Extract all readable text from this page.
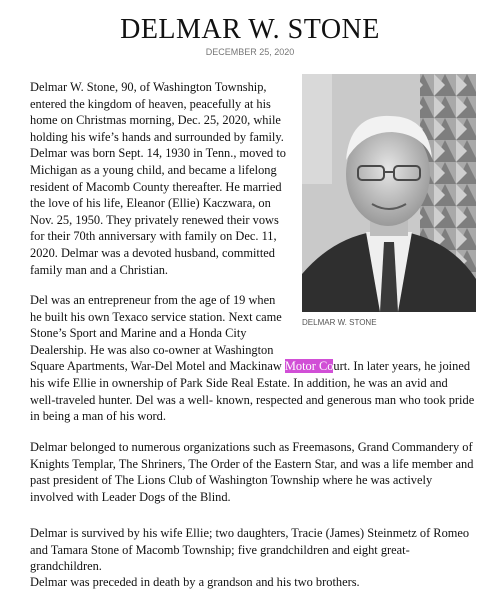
DELMAR W. STONE
DECEMBER 25, 2020

Delmar W. Stone, 90, of Washington Township, entered the kingdom of heaven, peacefully at his home on Christmas morning, Dec. 25, 2020, while holding his wife’s hands and surrounded by family. Delmar was born Sept. 14, 1930 in Tenn., moved to Michigan as a young child, and became a lifelong resident of Macomb County thereafter. He married the love of his life, Eleanor (Ellie) Kaczwara, on Nov. 25, 1950. They privately renewed their vows for their 70th anniversary with family on Dec. 11, 2020. Delmar was a devoted husband, committed family man and a Christian.

DELMAR W. STONE

Del was an entrepreneur from the age of 19 when
he built his own Texaco service station. Next came
Stone’s Sport and Marine and a Honda City
Dealership. He was also co-owner at Washington
Square Apartments, War-Del Motel and Mackinaw Motor Court. In later years, he joined
his wife Ellie in ownership of Park Side Real Estate. In addition, he was an avid and well-traveled hunter. Del was a well- known, respected and generous man who took pride in being a man of his word.

Delmar belonged to numerous organizations such as Freemasons, Grand Commandery of Knights Templar, The Shriners, The Order of the Eastern Star, and was a life member and past president of The Lions Club of Washington Township where he was actively involved with Leader Dogs of the Blind.

Delmar is survived by his wife Ellie; two daughters, Tracie (James) Steinmetz of Romeo and Tamara Stone of Macomb Township; five grandchildren and eight great-grandchildren.

Delmar was preceded in death by a grandson and his two brothers.
